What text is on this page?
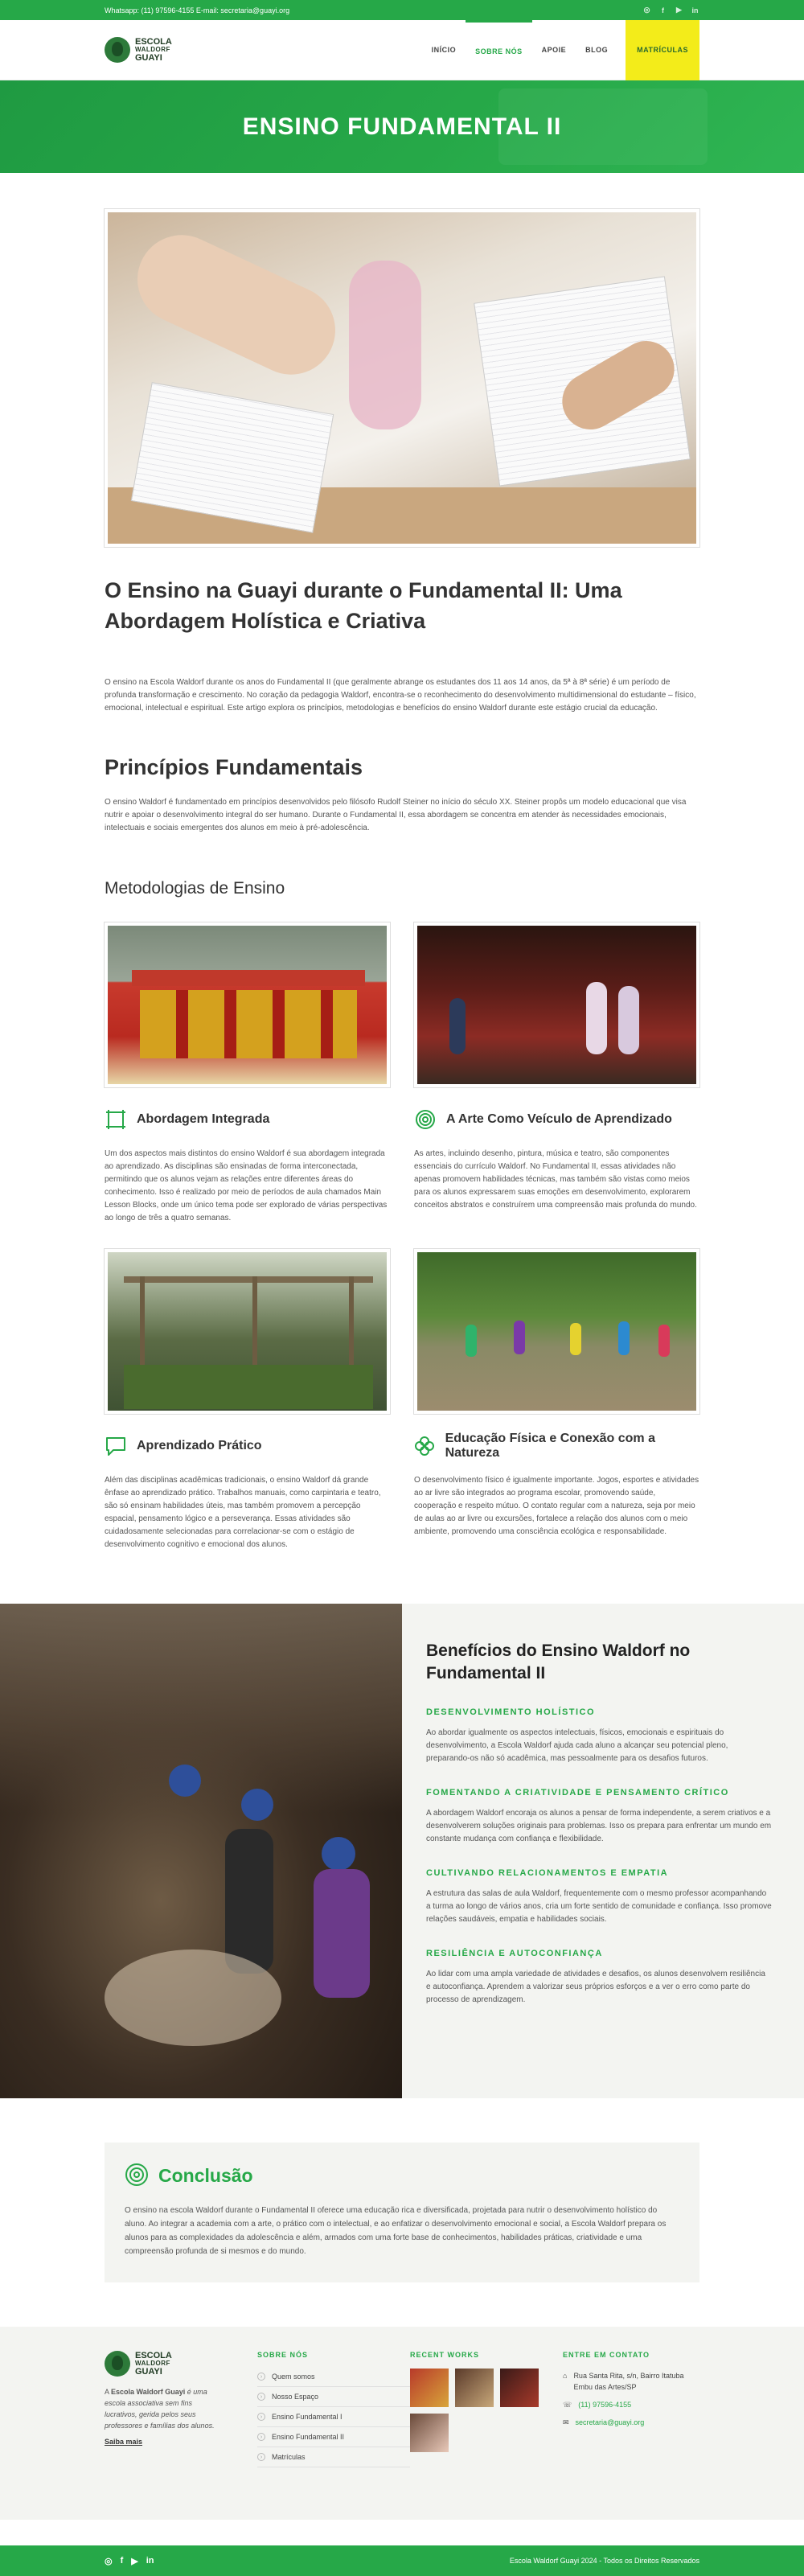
Whatsapp: (11) 97596-4155 E-mail: secretaria@guayi.org	◎	f	▶ in
ESCOLA
WALDORF
GUAYI
INÍCIO	SOBRE NÓS	APOIE	BLOG	MATRÍCULAS
ENSINO FUNDAMENTAL II
O Ensino na Guayi durante o Fundamental II: Uma Abordagem Holística e Criativa

O ensino na Escola Waldorf durante os anos do Fundamental II (que geralmente abrange os estudantes dos 11 aos 14 anos, da 5ª à 8ª série) é um período de profunda transformação e crescimento. No coração da pedagogia Waldorf, encontra-se o reconhecimento do desenvolvimento multidimensional do estudante – físico, emocional, intelectual e espiritual. Este artigo explora os princípios, metodologias e benefícios do ensino Waldorf durante este estágio crucial da educação.

Princípios Fundamentais

O ensino Waldorf é fundamentado em princípios desenvolvidos pelo filósofo Rudolf Steiner no início do século XX. Steiner propôs um modelo educacional que visa nutrir e apoiar o desenvolvimento integral do ser humano. Durante o Fundamental II, essa abordagem se concentra em atender às necessidades emocionais, intelectuais e sociais emergentes dos alunos em meio à pré-adolescência.

Metodologias de Ensino
Abordagem Integrada

Um dos aspectos mais distintos do ensino Waldorf é sua abordagem integrada ao aprendizado. As disciplinas são ensinadas de forma interconectada, permitindo que os alunos vejam as relações entre diferentes áreas do conhecimento. Isso é realizado por meio de períodos de aula chamados Main Lesson Blocks, onde um único tema pode ser explorado de várias perspectivas ao longo de três a quatro semanas.

A Arte Como Veículo de Aprendizado

As artes, incluindo desenho, pintura, música e teatro, são componentes essenciais do currículo Waldorf. No Fundamental II, essas atividades não apenas promovem habilidades técnicas, mas também são vistas como meios para os alunos expressarem suas emoções em desenvolvimento, explorarem conceitos abstratos e construírem uma compreensão mais profunda do mundo.

Aprendizado Prático

Além das disciplinas acadêmicas tradicionais, o ensino Waldorf dá grande ênfase ao aprendizado prático. Trabalhos manuais, como carpintaria e teatro, são só ensinam habilidades úteis, mas também promovem a percepção espacial, pensamento lógico e a perseverança. Essas atividades são cuidadosamente selecionadas para correlacionar-se com o estágio de desenvolvimento cognitivo e emocional dos alunos.

Educação Física e Conexão com a Natureza

O desenvolvimento físico é igualmente importante. Jogos, esportes e atividades ao ar livre são integrados ao programa escolar, promovendo saúde, cooperação e respeito mútuo. O contato regular com a natureza, seja por meio de aulas ao ar livre ou excursões, fortalece a relação dos alunos com o meio ambiente, promovendo uma consciência ecológica e responsabilidade.

Benefícios do Ensino Waldorf no Fundamental II
DESENVOLVIMENTO HOLÍSTICO

Ao abordar igualmente os aspectos intelectuais, físicos, emocionais e espirituais do desenvolvimento, a Escola Waldorf ajuda cada aluno a alcançar seu potencial pleno, preparando-os não só acadêmica, mas pessoalmente para os desafios futuros.

FOMENTANDO A CRIATIVIDADE E PENSAMENTO CRÍTICO

A abordagem Waldorf encoraja os alunos a pensar de forma independente, a serem criativos e a desenvolverem soluções originais para problemas. Isso os prepara para enfrentar um mundo em constante mudança com confiança e flexibilidade.

CULTIVANDO RELACIONAMENTOS E EMPATIA

A estrutura das salas de aula Waldorf, frequentemente com o mesmo professor acompanhando a turma ao longo de vários anos, cria um forte sentido de comunidade e confiança. Isso promove relações saudáveis, empatia e habilidades sociais.

RESILIÊNCIA E AUTOCONFIANÇA

Ao lidar com uma ampla variedade de atividades e desafios, os alunos desenvolvem resiliência e autoconfiança. Aprendem a valorizar seus próprios esforços e a ver o erro como parte do processo de aprendizagem.

Conclusão

O ensino na escola Waldorf durante o Fundamental II oferece uma educação rica e diversificada, projetada para nutrir o desenvolvimento holístico do aluno. Ao integrar a academia com a arte, o prático com o intelectual, e ao enfatizar o desenvolvimento emocional e social, a Escola Waldorf prepara os alunos para as complexidades da adolescência e além, armados com uma forte base de conhecimentos, habilidades práticas, criatividade e uma compreensão profunda de si mesmos e do mundo.

ESCOLA
WALDORF
GUAYI

A Escola Waldorf Guayi é uma escola associativa sem fins lucrativos, gerida pelos seus professores e famílias dos alunos.

Saiba mais
SOBRE NÓS
›	Quem somos
›	Nosso Espaço
›	Ensino Fundamental I
›	Ensino Fundamental II
›	Matrículas
RECENT WORKS	ENTRE EM CONTATO
⌂ Rua Santa Rita, s/n, Bairro Itatuba Embu das Artes/SP
☏ (11) 97596-4155
✉ secretaria@guayi.org
◎ f ▶ in	Escola Waldorf Guayi 2024 - Todos os Direitos Reservados
